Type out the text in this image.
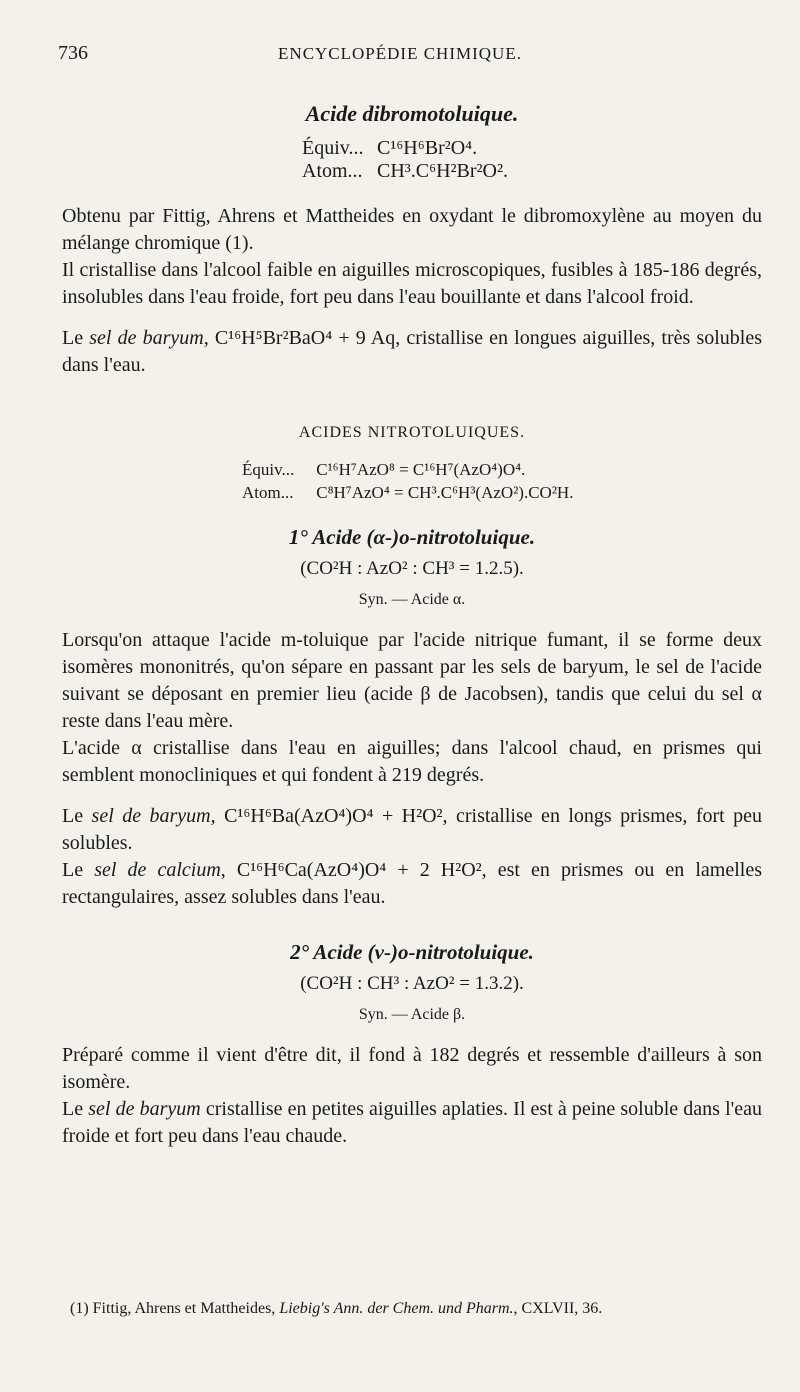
736	ENCYCLOPÉDIE CHIMIQUE.
Acide dibromotoluique.
Équiv... C¹⁶H⁶Br²O⁴.
Atom... CH³.C⁶H²Br²O².

Obtenu par Fittig, Ahrens et Mattheides en oxydant le dibromoxylène au moyen du mélange chromique (1).

Il cristallise dans l'alcool faible en aiguilles microscopiques, fusibles à 185-186 degrés, insolubles dans l'eau froide, fort peu dans l'eau bouillante et dans l'alcool froid.

Le sel de baryum, C¹⁶H⁵Br²BaO⁴ + 9 Aq, cristallise en longues aiguilles, très solubles dans l'eau.

ACIDES NITROTOLUIQUES.
Équiv... C¹⁶H⁷AzO⁸ = C¹⁶H⁷(AzO⁴)O⁴.
Atom... C⁸H⁷AzO⁴ = CH³.C⁶H³(AzO²).CO²H.
1° Acide (α-)o-nitrotoluique.
(CO²H : AzO² : CH³ = 1.2.5).
Syn. — Acide α.

Lorsqu'on attaque l'acide m-toluique par l'acide nitrique fumant, il se forme deux isomères mononitrés, qu'on sépare en passant par les sels de baryum, le sel de l'acide suivant se déposant en premier lieu (acide β de Jacobsen), tandis que celui du sel α reste dans l'eau mère.

L'acide α cristallise dans l'eau en aiguilles; dans l'alcool chaud, en prismes qui semblent monocliniques et qui fondent à 219 degrés.

Le sel de baryum, C¹⁶H⁶Ba(AzO⁴)O⁴ + H²O², cristallise en longs prismes, fort peu solubles.

Le sel de calcium, C¹⁶H⁶Ca(AzO⁴)O⁴ + 2 H²O², est en prismes ou en lamelles rectangulaires, assez solubles dans l'eau.

2° Acide (v-)o-nitrotoluique.
(CO²H : CH³ : AzO² = 1.3.2).
Syn. — Acide β.

Préparé comme il vient d'être dit, il fond à 182 degrés et ressemble d'ailleurs à son isomère.

Le sel de baryum cristallise en petites aiguilles aplaties. Il est à peine soluble dans l'eau froide et fort peu dans l'eau chaude.

(1) Fittig, Ahrens et Mattheides, Liebig's Ann. der Chem. und Pharm., CXLVII, 36.
